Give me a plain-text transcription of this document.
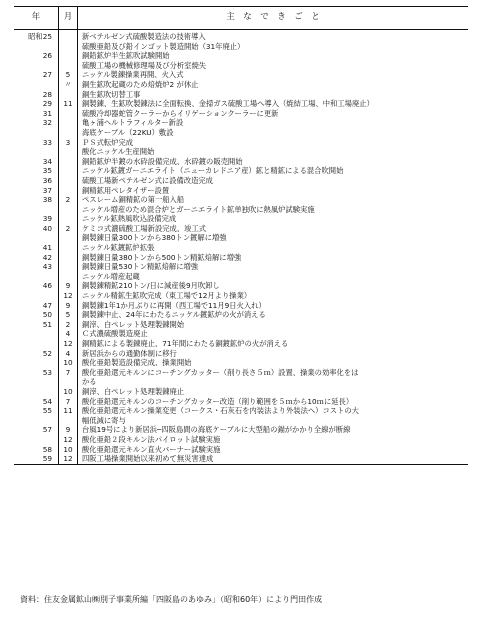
年	月	主　な　で　き　ご　と
昭和25		新ベテルゼン式硫酸製造法の技術導入
		硫酸亜鉛及び鉛インゴット製造開始（31年廃止）
26		銅鉛鉱炉半生鉱吹試験開始
		硫酸工場の機械修理場及び分析室焼失
27	5	ニッケル製錬操業再開、火入式
	〃	銅生鉱吹起蔵のため焙焼炉2 が休止
28		銅生鉱吹切替工事
29	11	銅製錬、生鉱吹製錬法に全面転換、金掃ガス硫酸工場へ導入（焼結工場、中和工場廃止）
31		硫酸冷却器蛇管クーラーからイリゲーションクーラーに更新
32		亀ヶ浦ヘルトラフィルター新設
		海底ケーブル（22KU）敷設
33	3	ＰＳ式転炉完成
		酸化ニッケル生産開始
34		銅鉛鉱炉半鍍の水砕設備完成、水砕鍍の販売開始
35		ニッケル鉱鍍ガーニエライト（ニューカレドニア産）鉱と精鉱による混合吹開始
36		硫酸工場新ペテルゼン式に設備改造完成
37		銅精鉱用ペレタイザー設置
38	2	ペスレーム銅精鉱の第一船入船
		ニッケル増産のため混合炉とガーニエライト鉱単独吹に熱風炉試験実施
39		ニッケル鉱熱風吹込設備完成
40	2	ケミコ式濃硫酸工場新設完成、竣工式
		銅製錬日量300トンから380トン鍍解に増強
41		ニッケル鉱鍍鉱炉拡張
42		銅製錬日量380トンから500トン精鉱焙解に増強
43		銅製錬日量530トン精鉱焙解に増強
		ニッケル増産起蔵
46	9	銅製錬精鉱210トン/日に減産後9月吹卸し
	12	ニッケル精鉱生鉱吹完成（東工場で12月より操業）
47	9	銅製錬1年1か月ぶりに再開（西工場で11月9日火入れ）
50	5	銅製錬中止、24年にわたるニッケル鍍鉱炉の火が消える
51	2	銅滓、白ペレット処理製錬開始
	4	Ｃ式濃硫酸製造廃止
	12	銅精鉱による製錬廃止、71年間にわたる銅鍍鉱炉の火が消える
52	4	新居浜からの通勤体制に移行
	10	酸化亜鉛製造設備完成、操業開始
53	7	酸化亜鉛還元キルンにコーチングカッター（削り長さ５ｍ）設置、操業の効率化をは
		かる
	10	銅滓、白ペレット処理製錬廃止
54	7	酸化亜鉛還元キルンのコーチングカッター改造（削り範囲を５ｍから10ｍに延長）
55	11	酸化亜鉛還元キルン操業変更（コークス・石灰石を内装法より外装法へ）コストの大
		幅低減に寄与
57	9	台風19号により新居浜─四阪島間の海底ケーブルに大型船の錨がかかり全線が断線
	12	酸化亜鉛２段キルン法パイロット試験実施
58	10	酸化亜鉛還元キルン直火バーナー試験実施
59	12	四阪工場操業開始以来初めて無災害達成
資料：住友金属鉱山㈱別子事業所編「四阪島のあゆみ」（昭和60年）により門田作成
